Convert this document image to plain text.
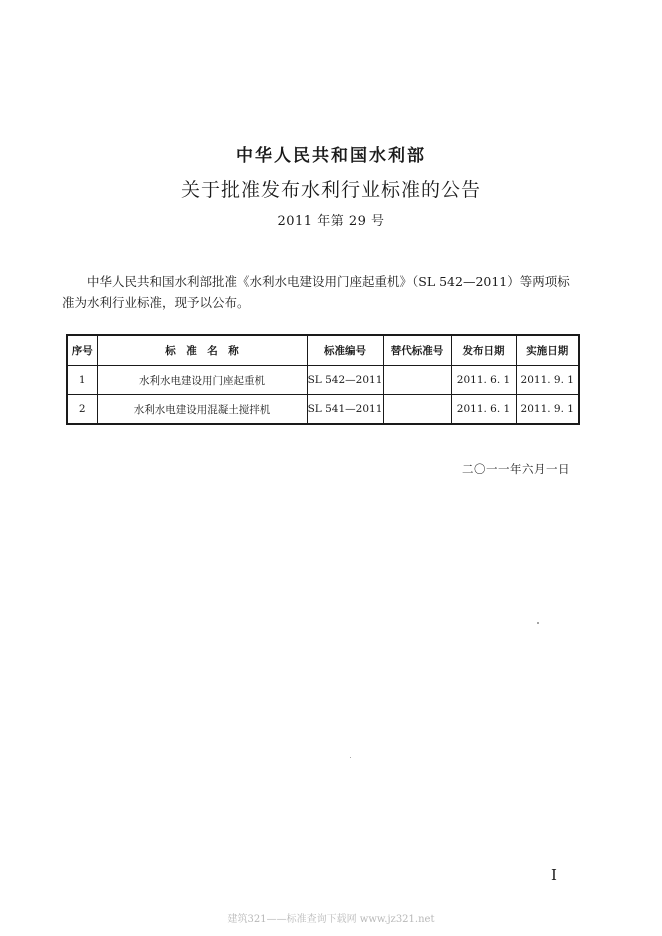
中华人民共和国水利部
关于批准发布水利行业标准的公告
2011 年第 29 号

中华人民共和国水利部批准《水利水电建设用门座起重机》（SL 542—2011）等两项标准为水利行业标准，现予以公布。

序号	标　准　名　称	标准编号	替代标准号	发布日期	实施日期
1	水利水电建设用门座起重机	SL 542—2011		2011. 6. 1	2011. 9. 1
2	水利水电建设用混凝土搅拌机	SL 541—2011		2011. 6. 1	2011. 9. 1
二〇一一年六月一日
I
建筑321——标准查询下载网 www.jz321.net
